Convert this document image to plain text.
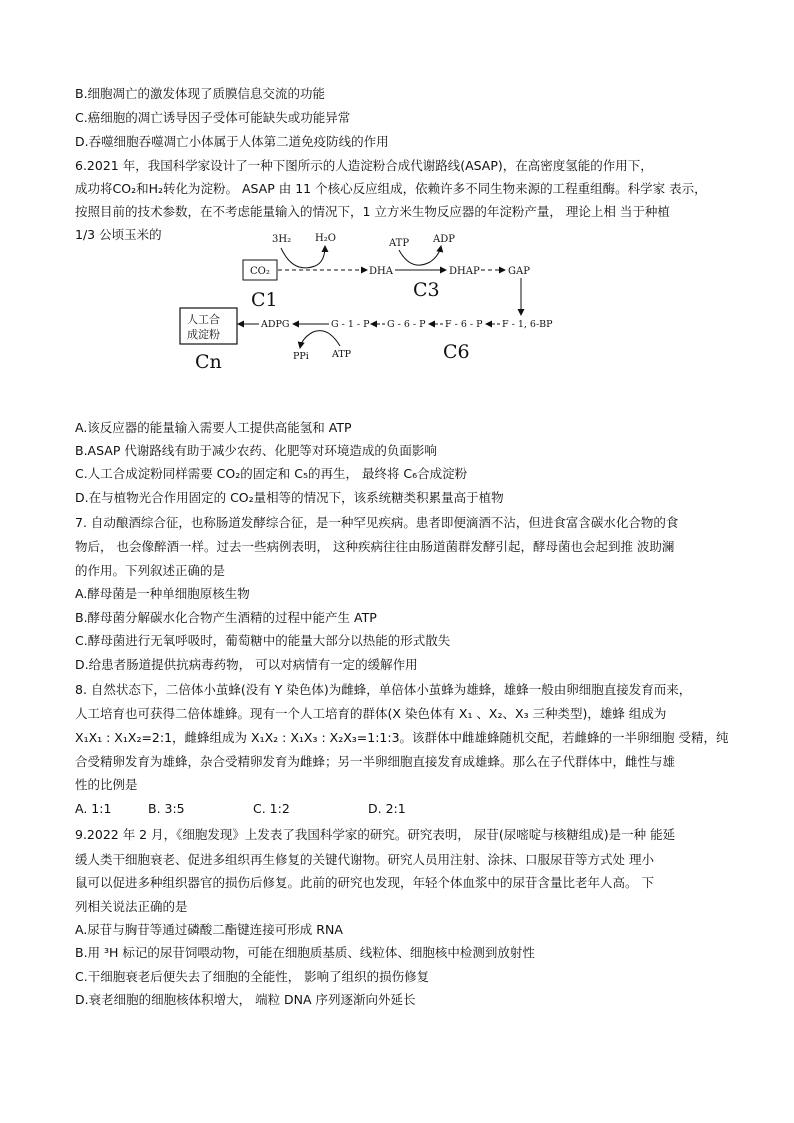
B.细胞凋亡的激发体现了质膜信息交流的功能
C.癌细胞的凋亡诱导因子受体可能缺失或功能异常
D.吞噬细胞吞噬凋亡小体属于人体第二道免疫防线的作用
6.2021 年，我国科学家设计了一种下图所示的人造淀粉合成代谢路线(ASAP)，在高密度氢能的作用下，
成功将CO₂和H₂转化为淀粉。 ASAP 由 11 个核心反应组成，依赖许多不同生物来源的工程重组酶。科学家 表示，
按照目前的技术参数，在不考虑能量输入的情况下，1 立方米生物反应器的年淀粉产量， 理论上相 当于种植
1/3 公顷玉米的	3H₂ H₂O
CO₂	DHA
ATP ADP
DHAP	GAP
C1	C3
F - 1, 6-BP
F - 6 - P
G - 6 - P
G - 1 - P
ADPG
人工合
成淀粉
PPi ATP	C6
Cn
A.该反应器的能量输入需要人工提供高能氢和 ATP
B.ASAP 代谢路线有助于减少农药、化肥等对环境造成的负面影响
C.人工合成淀粉同样需要 CO₂的固定和 C₅的再生， 最终将 C₆合成淀粉
D.在与植物光合作用固定的 CO₂量相等的情况下，该系统糖类积累量高于植物
7. 自动酿酒综合征，也称肠道发酵综合征，是一种罕见疾病。患者即便滴酒不沾，但进食富含碳水化合物的食
物后， 也会像醉酒一样。过去一些病例表明， 这种疾病往往由肠道菌群发酵引起，酵母菌也会起到推 波助澜
的作用。下列叙述正确的是
A.酵母菌是一种单细胞原核生物
B.酵母菌分解碳水化合物产生酒精的过程中能产生 ATP
C.酵母菌进行无氧呼吸时，葡萄糖中的能量大部分以热能的形式散失
D.给患者肠道提供抗病毒药物， 可以对病情有一定的缓解作用
8. 自然状态下，二倍体小茧蜂(没有 Y 染色体)为雌蜂，单倍体小茧蜂为雄蜂，雄蜂一般由卵细胞直接发育而来，
人工培育也可获得二倍体雄蜂。现有一个人工培育的群体(X 染色体有 X₁ 、X₂、X₃ 三种类型)，雄蜂 组成为
X₁X₁ : X₁X₂=2:1，雌蜂组成为 X₁X₂ : X₁X₃ : X₂X₃=1:1:3。该群体中雌雄蜂随机交配，若雌蜂的一半卵细胞 受精，纯
合受精卵发育为雄蜂，杂合受精卵发育为雌蜂；另一半卵细胞直接发育成雄蜂。那么在子代群体中，雌性与雄
性的比例是
A. 1:1	B. 3:5	C. 1:2	D. 2:1
9.2022 年 2 月，《细胞发现》上发表了我国科学家的研究。研究表明， 尿苷(尿嘧啶与核糖组成)是一种 能延
缓人类干细胞衰老、促进多组织再生修复的关键代谢物。研究人员用注射、涂抹、口服尿苷等方式处 理小
鼠可以促进多种组织器官的损伤后修复。此前的研究也发现，年轻个体血浆中的尿苷含量比老年人高。 下
列相关说法正确的是
A.尿苷与胸苷等通过磷酸二酯键连接可形成 RNA
B.用 ³H 标记的尿苷饲喂动物，可能在细胞质基质、线粒体、细胞核中检测到放射性
C.干细胞衰老后便失去了细胞的全能性， 影响了组织的损伤修复
D.衰老细胞的细胞核体积增大， 端粒 DNA 序列逐渐向外延长
